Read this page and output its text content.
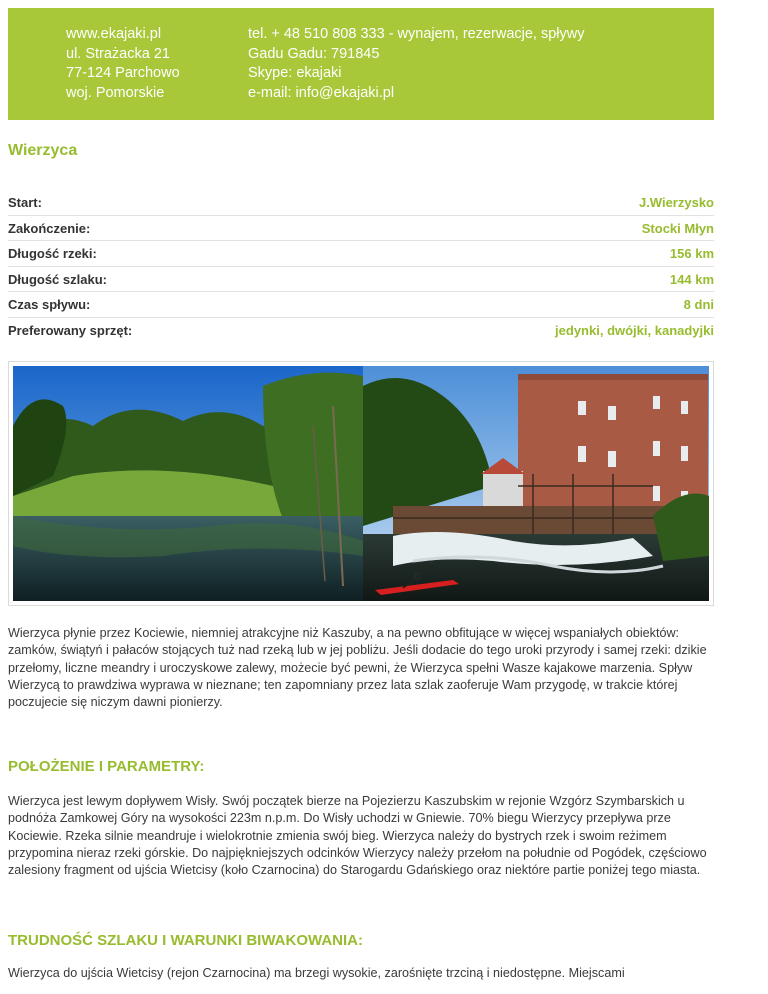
www.ekajaki.pl
ul. Strażacka 21
77-124 Parchowo
woj. Pomorskie
tel. + 48 510 808 333 - wynajem, rezerwacje, spływy
Gadu Gadu: 791845
Skype: ekajaki
e-mail: info@ekajaki.pl
Wierzyca
Start:	J.Wierzysko
Zakończenie:	Stocki Młyn
Długość rzeki:	156 km
Długość szlaku:	144 km
Czas spływu:	8 dni
Preferowany sprzęt:	jedynki, dwójki, kanadyjki
Wierzyca płynie przez Kociewie, niemniej atrakcyjne niż Kaszuby, a na pewno obfitujące w więcej wspaniałych obiektów: zamków, świątyń i pałaców stojących tuż nad rzeką lub w jej pobliżu. Jeśli dodacie do tego uroki przyrody i samej rzeki: dzikie przełomy, liczne meandry i uroczyskowe zalewy, możecie być pewni, że Wierzyca spełni Wasze kajakowe marzenia. Spływ Wierzycą to prawdziwa wyprawa w nieznane; ten zapomniany przez lata szlak zaoferuje Wam przygodę, w trakcie której poczujecie się niczym dawni pionierzy.
POŁOŻENIE I PARAMETRY:
Wierzyca jest lewym dopływem Wisły. Swój początek bierze na Pojezierzu Kaszubskim w rejonie Wzgórz Szymbarskich u podnóża Zamkowej Góry na wysokości 223m n.p.m. Do Wisły uchodzi w Gniewie. 70% biegu Wierzycy przepływa prze Kociewie. Rzeka silnie meandruje i wielokrotnie zmienia swój bieg. Wierzyca należy do bystrych rzek i swoim reżimem przypomina nieraz rzeki górskie. Do najpiękniejszych odcinków Wierzycy należy przełom na południe od Pogódek, częściowo zalesiony fragment od ujścia Wietcisy (koło Czarnocina) do Starogardu Gdańskiego oraz niektóre partie poniżej tego miasta.
TRUDNOŚĆ SZLAKU I WARUNKI BIWAKOWANIA:
Wierzyca do ujścia Wietcisy (rejon Czarnocina) ma brzegi wysokie, zarośnięte trzciną i niedostępne. Miejscami
